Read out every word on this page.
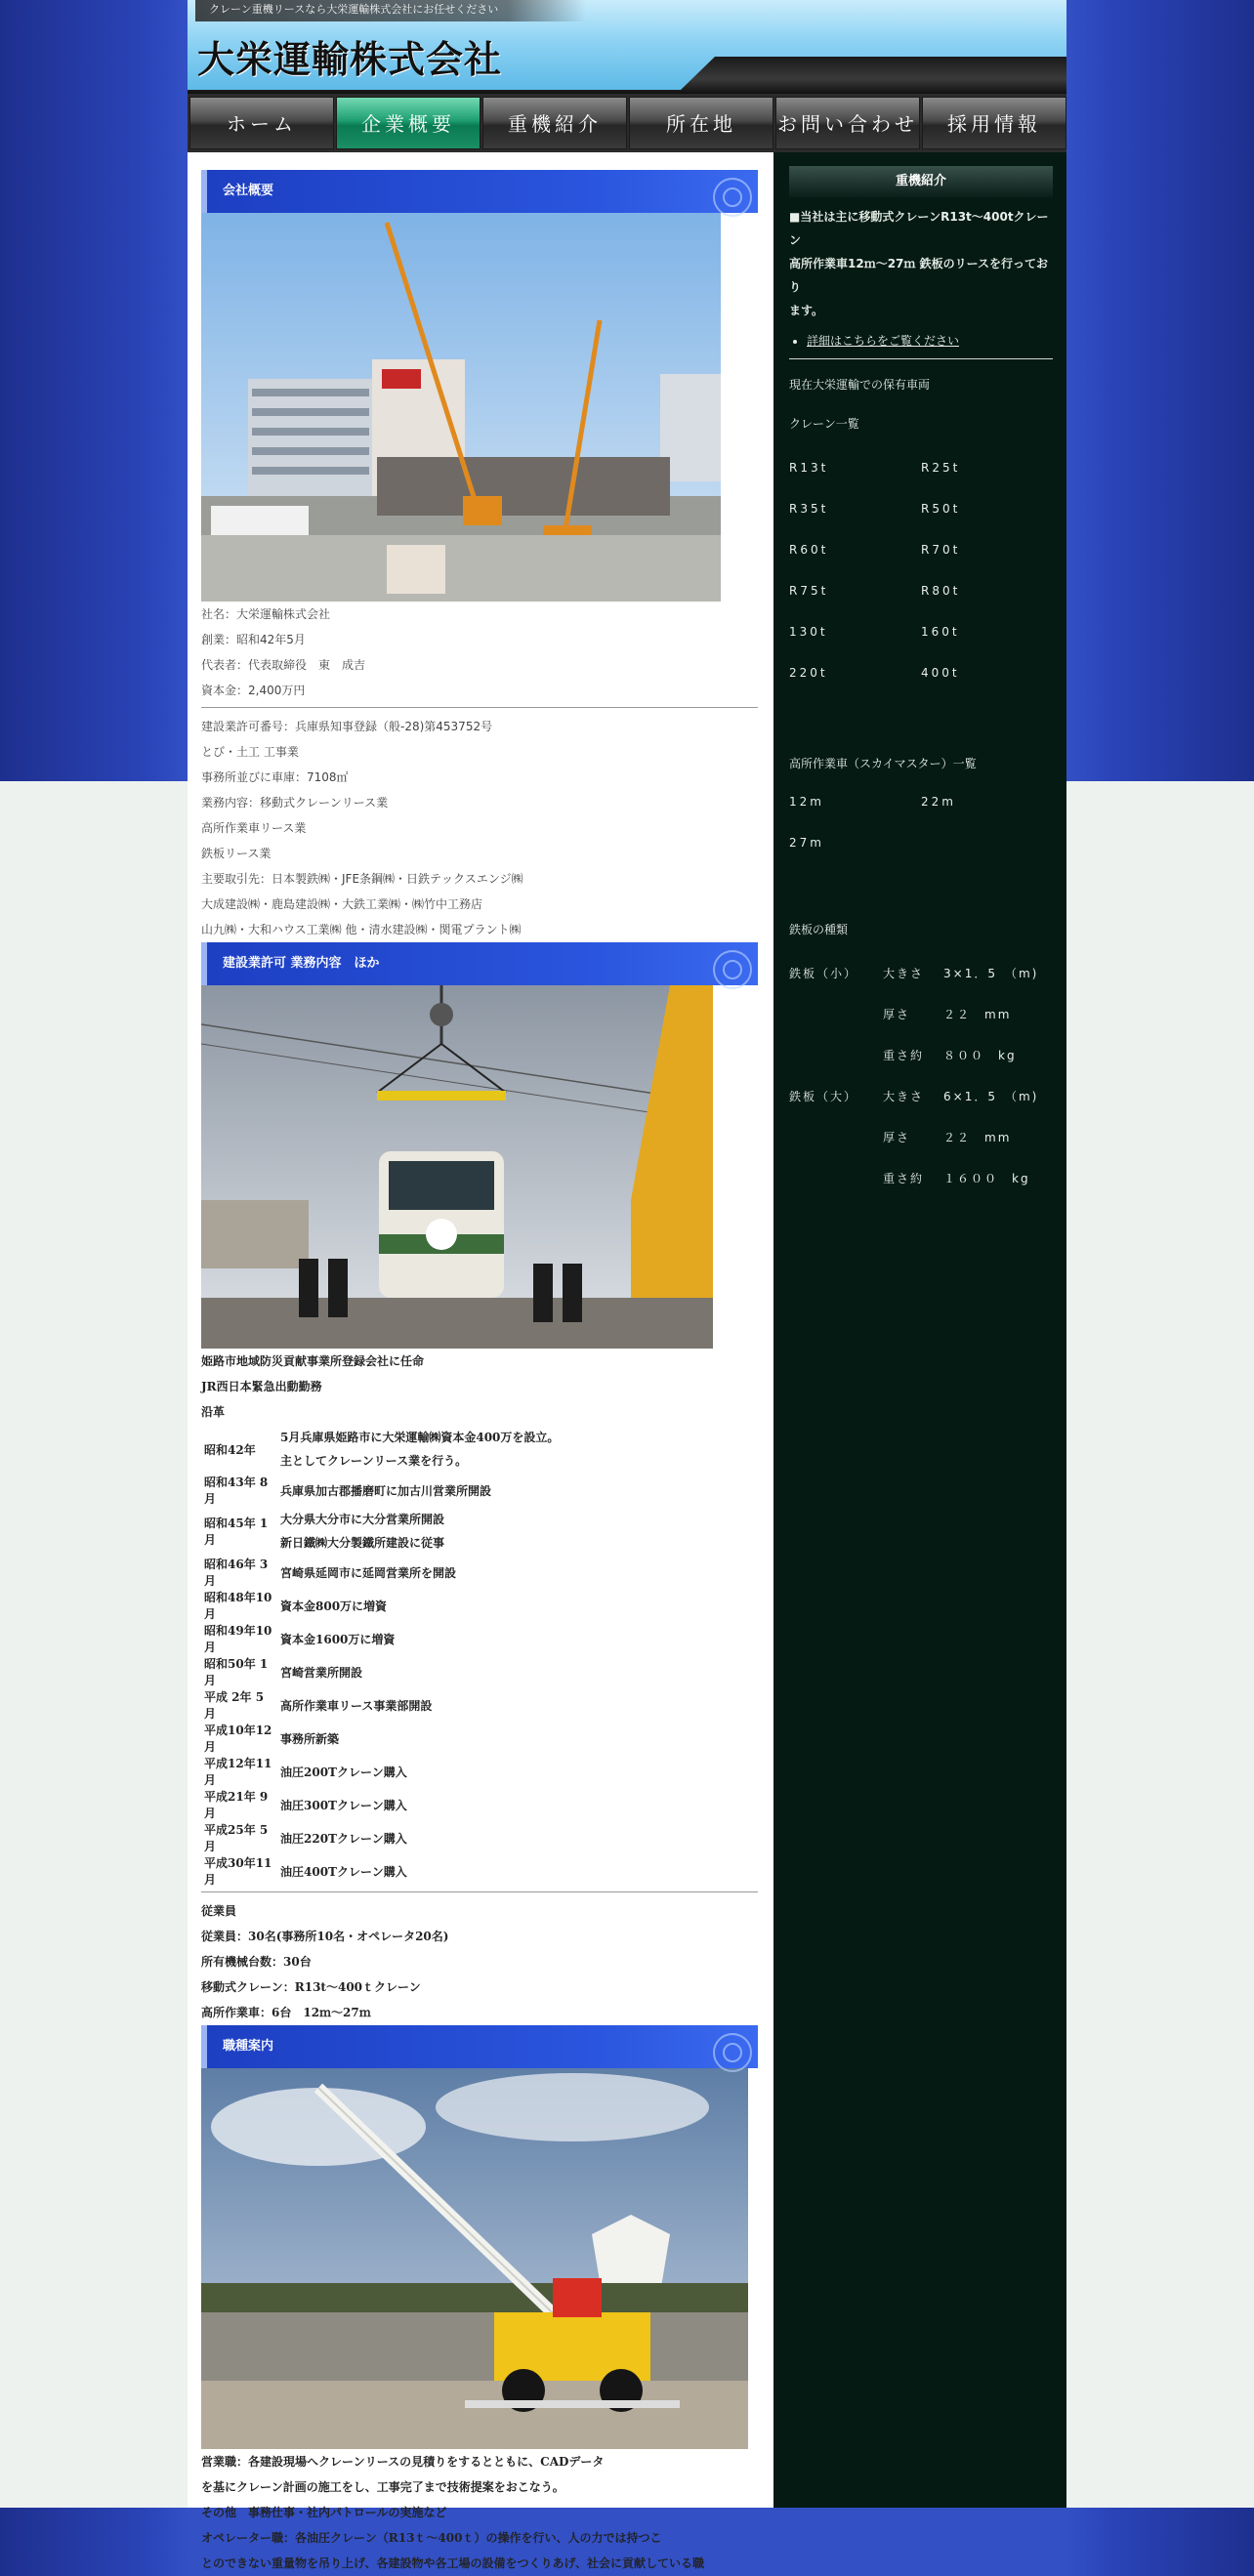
クレーン重機リースなら大栄運輸株式会社にお任せください
大栄運輸株式会社
ホーム	企業概要	重機紹介	所在地	お問い合わせ	採用情報
会社概要
社名：大栄運輸株式会社
創業：昭和42年5月
代表者：代表取締役　東　成吉
資本金：2,400万円
建設業許可番号：兵庫県知事登録（般-28)第453752号
とび・土工 工事業
事務所並びに車庫：7108㎡
業務内容：移動式クレーンリース業
高所作業車リース業
鉄板リース業
主要取引先：日本製鉄㈱・JFE条鋼㈱・日鉄テックスエンジ㈱
大成建設㈱・鹿島建設㈱・大鉄工業㈱・㈱竹中工務店
山九㈱・大和ハウス工業㈱ 他・清水建設㈱・関電プラント㈱
建設業許可 業務内容　ほか
姫路市地域防災貢献事業所登録会社に任命
JR西日本緊急出動勤務
沿革
昭和42年	5月兵庫県姫路市に大栄運輸㈱資本金400万を設立。
主としてクレーンリース業を行う。

昭和43年 8月	兵庫県加古郡播磨町に加古川営業所開設
昭和45年 1月	大分県大分市に大分営業所開設
新日鐵㈱大分製鐵所建設に従事

昭和46年 3月	宮崎県延岡市に延岡営業所を開設
昭和48年10月	資本金800万に増資
昭和49年10月	資本金1600万に増資
昭和50年 1月	宮崎営業所開設
平成 2年 5月	高所作業車リース事業部開設
平成10年12月	事務所新築
平成12年11月	油圧200Tクレーン購入
平成21年 9月	油圧300Tクレーン購入
平成25年 5月	油圧220Tクレーン購入
平成30年11月	油圧400Tクレーン購入
従業員
従業員：30名(事務所10名・オペレータ20名)
所有機械台数：30台
移動式クレーン：R13t～400ｔクレーン
高所作業車：6台　12ｍ～27ｍ
職種案内
営業職：各建設現場へクレーンリースの見積りをするとともに、CADデータ
を基にクレーン計画の施工をし、工事完了まで技術提案をおこなう。
その他　事務仕事・社内パトロールの実施など
オペレーター職：各油圧クレーン（R13ｔ～400ｔ）の操作を行い、人の力では持つこ
とのできない重量物を吊り上げ、各建設物や各工場の設備をつくりあげ、社会に貢献している職
重機紹介
■当社は主に移動式クレーンR13t～400tクレーン
高所作業車12ｍ～27ｍ 鉄板のリースを行っており
ます。
詳細はこちらをご覧ください
現在大栄運輸での保有車両
クレーン一覧
R13t	R25t
R35t	R50t
R60t	R70t
R75t	R80t
130t	160t
220t	400t
高所作業車（スカイマスター）一覧
12m	22m
27m
鉄板の種類
鉄板（小）	大きさ	3×1．5　（m)
厚さ	２２　mm
重さ約	８００　kg
鉄板（大）	大きさ	6×1．5　（m)
厚さ	２２　mm
重さ約	１６００　kg
